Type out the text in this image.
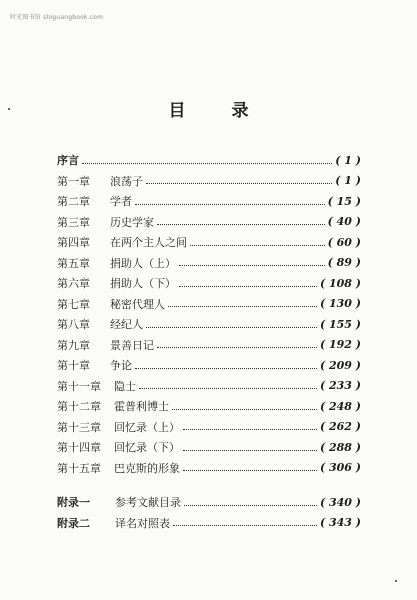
时光图书馆 shiguangbook.com
目 录
序言	( 1 )
第一章	浪荡子	( 1 )
第二章	学者	( 15 )
第三章	历史学家	( 40 )
第四章	在两个主人之间	( 60 )
第五章	捐助人（上）	( 89 )
第六章	捐助人（下）	( 108 )
第七章	秘密代理人	( 130 )
第八章	经纪人	( 155 )
第九章	景善日记	( 192 )
第十章	争论	( 209 )
第十一章	隐士	( 233 )
第十二章	霍普利博士	( 248 )
第十三章	回忆录（上）	( 262 )
第十四章	回忆录（下）	( 288 )
第十五章	巴克斯的形象	( 306 )
附录一	参考文献目录	( 340 )
附录二	译名对照表	( 343 )
